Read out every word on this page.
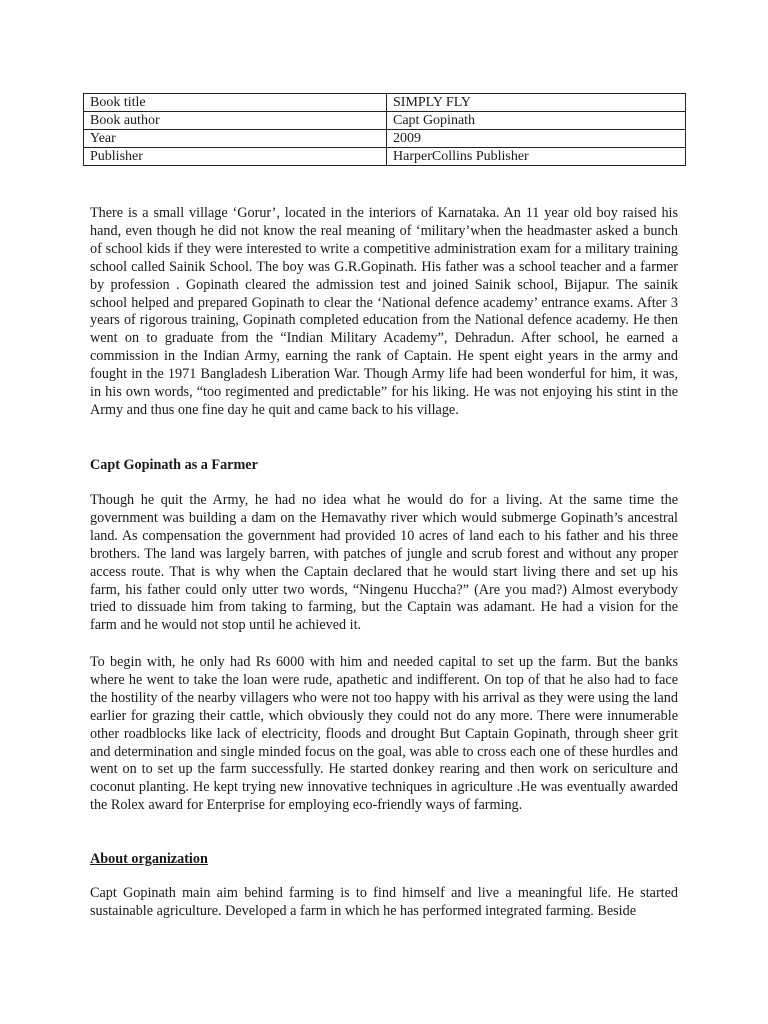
Book title	SIMPLY FLY
Book author	Capt Gopinath
Year	2009
Publisher	HarperCollins Publisher

There is a small village ‘Gorur’, located in the interiors of Karnataka. An 11 year old boy raised his hand, even though he did not know the real meaning of ‘military’when the headmaster asked a bunch of school kids if they were interested to write a competitive administration exam for a military training school called Sainik School. The boy was G.R.Gopinath. His father was a school teacher and a farmer by profession . Gopinath cleared the admission test and joined Sainik school, Bijapur. The sainik school helped and prepared Gopinath to clear the ‘National defence academy’ entrance exams. After 3 years of rigorous training, Gopinath completed education from the National defence academy. He then went on to graduate from the “Indian Military Academy”, Dehradun. After school, he earned a commission in the Indian Army, earning the rank of Captain. He spent eight years in the army and fought in the 1971 Bangladesh Liberation War. Though Army life had been wonderful for him, it was, in his own words, “too regimented and predictable” for his liking. He was not enjoying his stint in the Army and thus one fine day he quit and came back to his village.

Capt Gopinath as a Farmer

Though he quit the Army, he had no idea what he would do for a living. At the same time the government was building a dam on the Hemavathy river which would submerge Gopinath’s ancestral land. As compensation the government had provided 10 acres of land each to his father and his three brothers. The land was largely barren, with patches of jungle and scrub forest and without any proper access route. That is why when the Captain declared that he would start living there and set up his farm, his father could only utter two words, “Ningenu Huccha?” (Are you mad?) Almost everybody tried to dissuade him from taking to farming, but the Captain was adamant. He had a vision for the farm and he would not stop until he achieved it.

To begin with, he only had Rs 6000 with him and needed capital to set up the farm. But the banks where he went to take the loan were rude, apathetic and indifferent. On top of that he also had to face the hostility of the nearby villagers who were not too happy with his arrival as they were using the land earlier for grazing their cattle, which obviously they could not do any more. There were innumerable other roadblocks like lack of electricity, floods and drought But Captain Gopinath, through sheer grit and determination and single minded focus on the goal, was able to cross each one of these hurdles and went on to set up the farm successfully. He started donkey rearing and then work on sericulture and coconut planting. He kept trying new innovative techniques in agriculture .He was eventually awarded the Rolex award for Enterprise for employing eco-friendly ways of farming.

About organization

Capt Gopinath main aim behind farming is to find himself and live a meaningful life. He started sustainable agriculture. Developed a farm in which he has performed integrated farming. Beside
